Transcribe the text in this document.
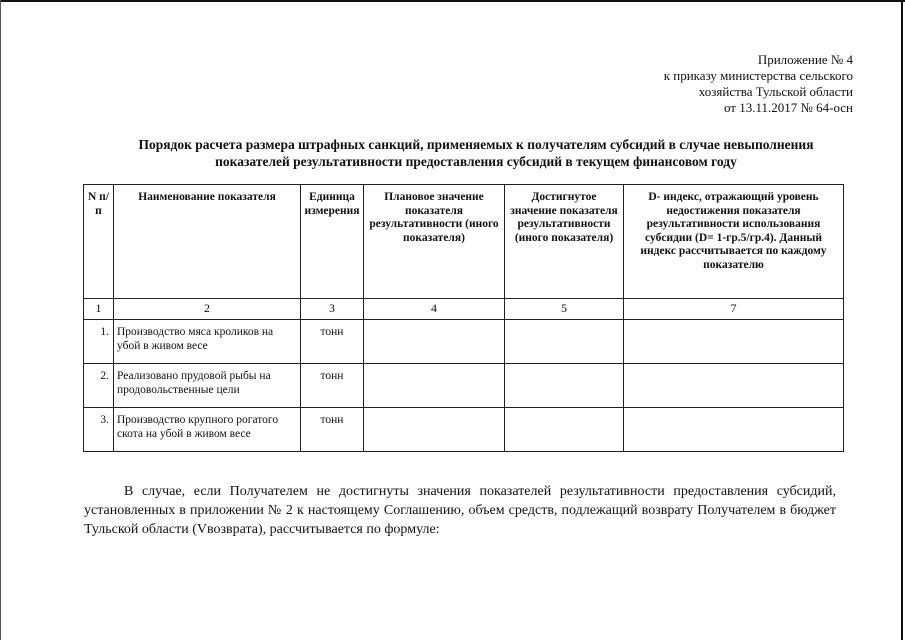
Приложение № 4
к приказу министерства сельского
хозяйства Тульской области
от 13.11.2017 № 64-осн
Порядок расчета размера штрафных санкций, применяемых к получателям субсидий в случае невыполнения
показателей результативности предоставления субсидий в текущем финансовом году
N п/п	Наименование показателя	Единица измерения	Плановое значение показателя результативности (иного показателя)	Достигнутое значение показателя результативности (иного показателя)	D- индекс, отражающий уровень недостижения показателя результативности использования субсидии (D= 1-гр.5/гр.4). Данный индекс рассчитывается по каждому показателю
1	2	3	4	5	7
1.	Производство мяса кроликов на убой в живом весе	тонн			
2.	Реализовано прудовой рыбы на продовольственные цели	тонн			
3.	Производство крупного рогатого скота на убой в живом весе	тонн			
В случае, если Получателем не достигнуты значения показателей результативности предоставления субсидий, установленных в приложении № 2 к настоящему Соглашению, объем средств, подлежащий возврату Получателем в бюджет Тульской области (Vвозврата), рассчитывается по формуле:
